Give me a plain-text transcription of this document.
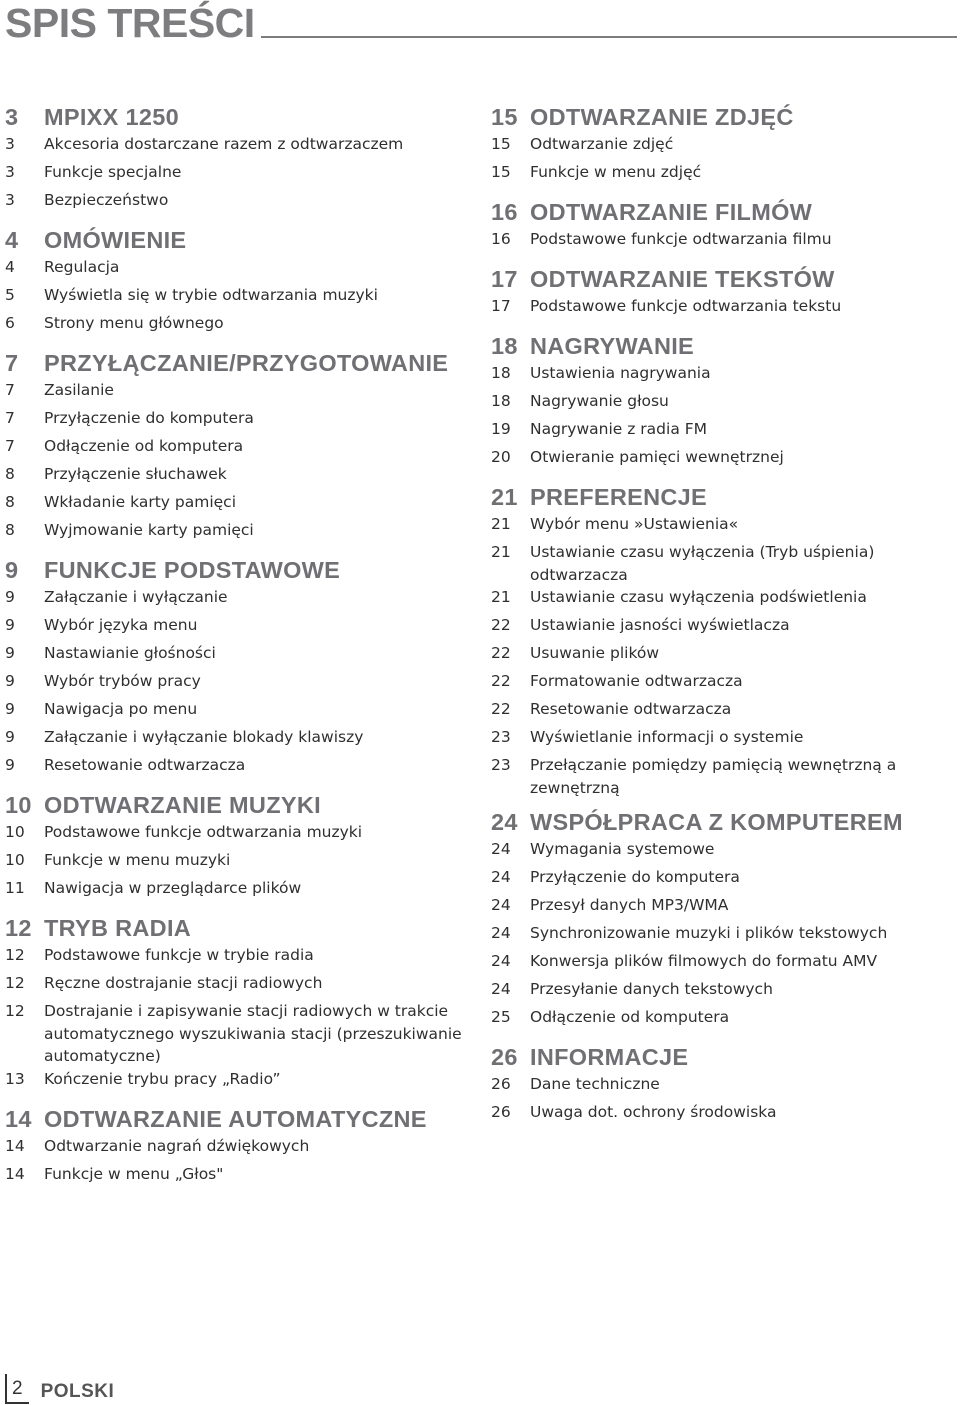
SPIS TREŚCI
3	MPIXX 1250
3	Akcesoria dostarczane razem z odtwarzaczem
3	Funkcje specjalne
3	Bezpieczeństwo
4	OMÓWIENIE
4	Regulacja
5	Wyświetla się w trybie odtwarzania muzyki
6	Strony menu głównego
7	PRZYŁĄCZANIE/PRZYGOTOWANIE
7	Zasilanie
7	Przyłączenie do komputera
7	Odłączenie od komputera
8	Przyłączenie słuchawek
8	Wkładanie karty pamięci
8	Wyjmowanie karty pamięci
9	FUNKCJE PODSTAWOWE
9	Załączanie i wyłączanie
9	Wybór języka menu
9	Nastawianie głośności
9	Wybór trybów pracy
9	Nawigacja po menu
9	Załączanie i wyłączanie blokady klawiszy
9	Resetowanie odtwarzacza
10 ODTWARZANIE MUZYKI
10	Podstawowe funkcje odtwarzania muzyki
10	Funkcje w menu muzyki
11	Nawigacja w przeglądarce plików
12 TRYB RADIA
12	Podstawowe funkcje w trybie radia
12	Ręczne dostrajanie stacji radiowych
12	Dostrajanie i zapisywanie stacji radiowych w trakcie automatycznego wyszukiwania stacji (przeszukiwanie automatyczne)
13	Kończenie trybu pracy „Radio”
14 ODTWARZANIE AUTOMATYCZNE
14	Odtwarzanie nagrań dźwiękowych
14	Funkcje w menu „Głos"
15 ODTWARZANIE ZDJĘĆ
15	Odtwarzanie zdjęć
15	Funkcje w menu zdjęć
16 ODTWARZANIE FILMÓW
16	Podstawowe funkcje odtwarzania filmu
17 ODTWARZANIE TEKSTÓW
17	Podstawowe funkcje odtwarzania tekstu
18 NAGRYWANIE
18	Ustawienia nagrywania
18	Nagrywanie głosu
19	Nagrywanie z radia FM
20	Otwieranie pamięci wewnętrznej
21 PREFERENCJE
21	Wybór menu »Ustawienia«
21	Ustawianie czasu wyłączenia (Tryb uśpienia) odtwarzacza
21	Ustawianie czasu wyłączenia podświetlenia
22	Ustawianie jasności wyświetlacza
22	Usuwanie plików
22	Formatowanie odtwarzacza
22	Resetowanie odtwarzacza
23	Wyświetlanie informacji o systemie
23	Przełączanie pomiędzy pamięcią wewnętrzną a zewnętrzną
24 WSPÓŁPRACA Z KOMPUTEREM
24	Wymagania systemowe
24	Przyłączenie do komputera
24	Przesył danych MP3/WMA
24	Synchronizowanie muzyki i plików tekstowych
24	Konwersja plików filmowych do formatu AMV
24	Przesyłanie danych tekstowych
25	Odłączenie od komputera
26 INFORMACJE
26	Dane techniczne
26	Uwaga dot. ochrony środowiska
2 POLSKI
